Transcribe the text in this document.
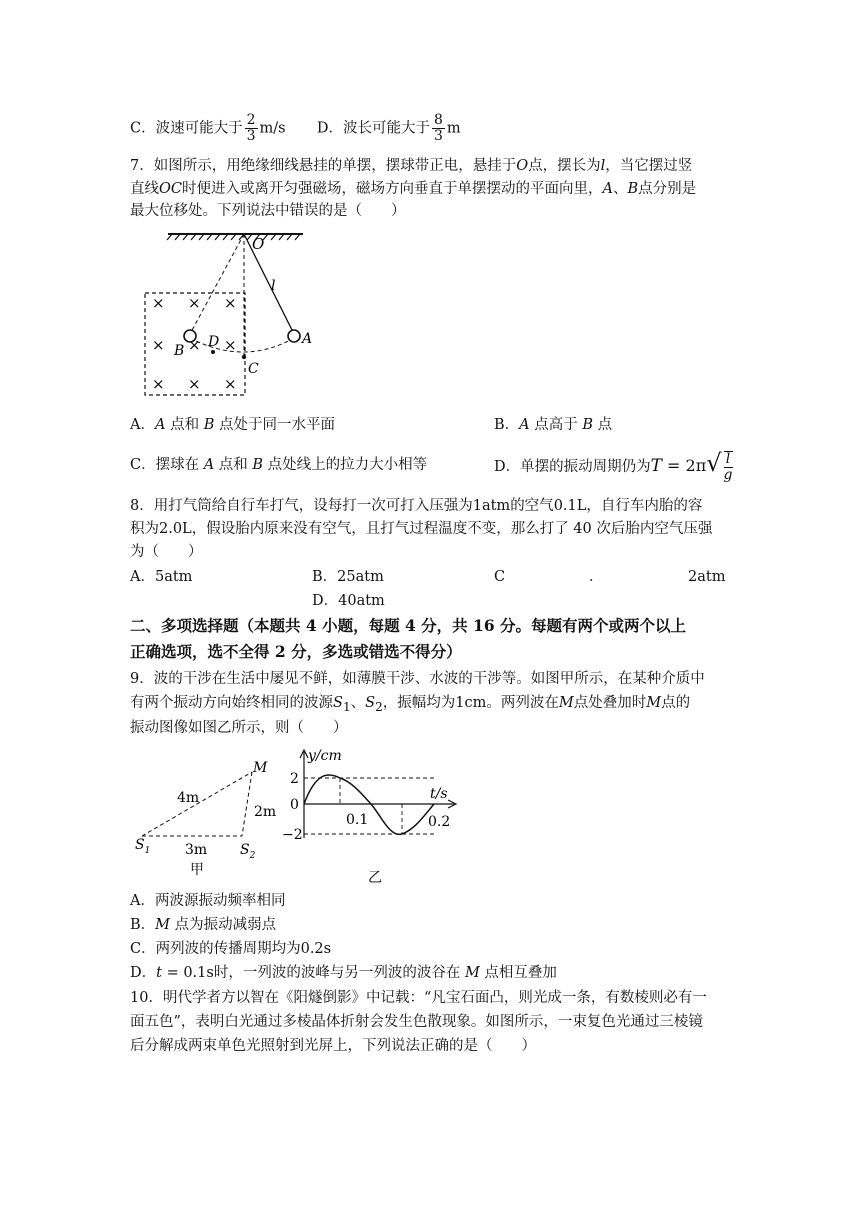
C．波速可能大于 $\frac{2}{3} m/s$ D．波长可能大于 $\frac{8}{3}$ m
7．如图所示，用绝缘细线悬挂的单摆，摆球带正电，悬挂于O点，摆长为l，当它摆过竖
直线OC时便进入或离开匀强磁场，磁场方向垂直于单摆摆动的平面向里，A、B点分别是
最大位移处。下列说法中错误的是（　　）
O
l
A
B
D
C
× × ×
× × ×
× × ×
A．A 点和 B 点处于同一水平面	B．A 点高于 B 点
C．摆球在 A 点和 B 点处线上的拉力大小相等	D．单摆的振动周期仍为$T = 2\pi√ \frac{l}{g}$
8．用打气筒给自行车打气，设每打一次可打入压强为1atm的空气0.1L，自行车内胎的容
积为2.0L，假设胎内原来没有空气，且打气过程温度不变，那么打了 40 次后胎内空气压强
为（　　）
A．5atm	B．25atm	C	．	2atm
D．40atm
二、多项选择题（本题共 4 小题，每题 4 分，共 16 分。每题有两个或两个以上
正确选项，选不全得 2 分，多选或错选不得分）
9．波的干涉在生活中屡见不鲜，如薄膜干涉、水波的干涉等。如图甲所示，在某种介质中
有两个振动方向始终相同的波源$S_1$、$S_2$，振幅均为1cm。两列波在M点处叠加时M点的
振动图像如图乙所示，则（　　）
M
4m
2m
3m
$S_1$	$S_2$
甲
y/cm
t/s
2
0
−2
0.1	0.2
乙
A．两波源振动频率相同
B．M 点为振动减弱点
C．两列波的传播周期均为0.2s
D．t = 0.1s时，一列波的波峰与另一列波的波谷在 M 点相互叠加
10．明代学者方以智在《阳燧倒影》中记载：“凡宝石面凸，则光成一条，有数棱则必有一
面五色”，表明白光通过多棱晶体折射会发生色散现象。如图所示，一束复色光通过三棱镜
后分解成两束单色光照射到光屏上，下列说法正确的是（　　）
